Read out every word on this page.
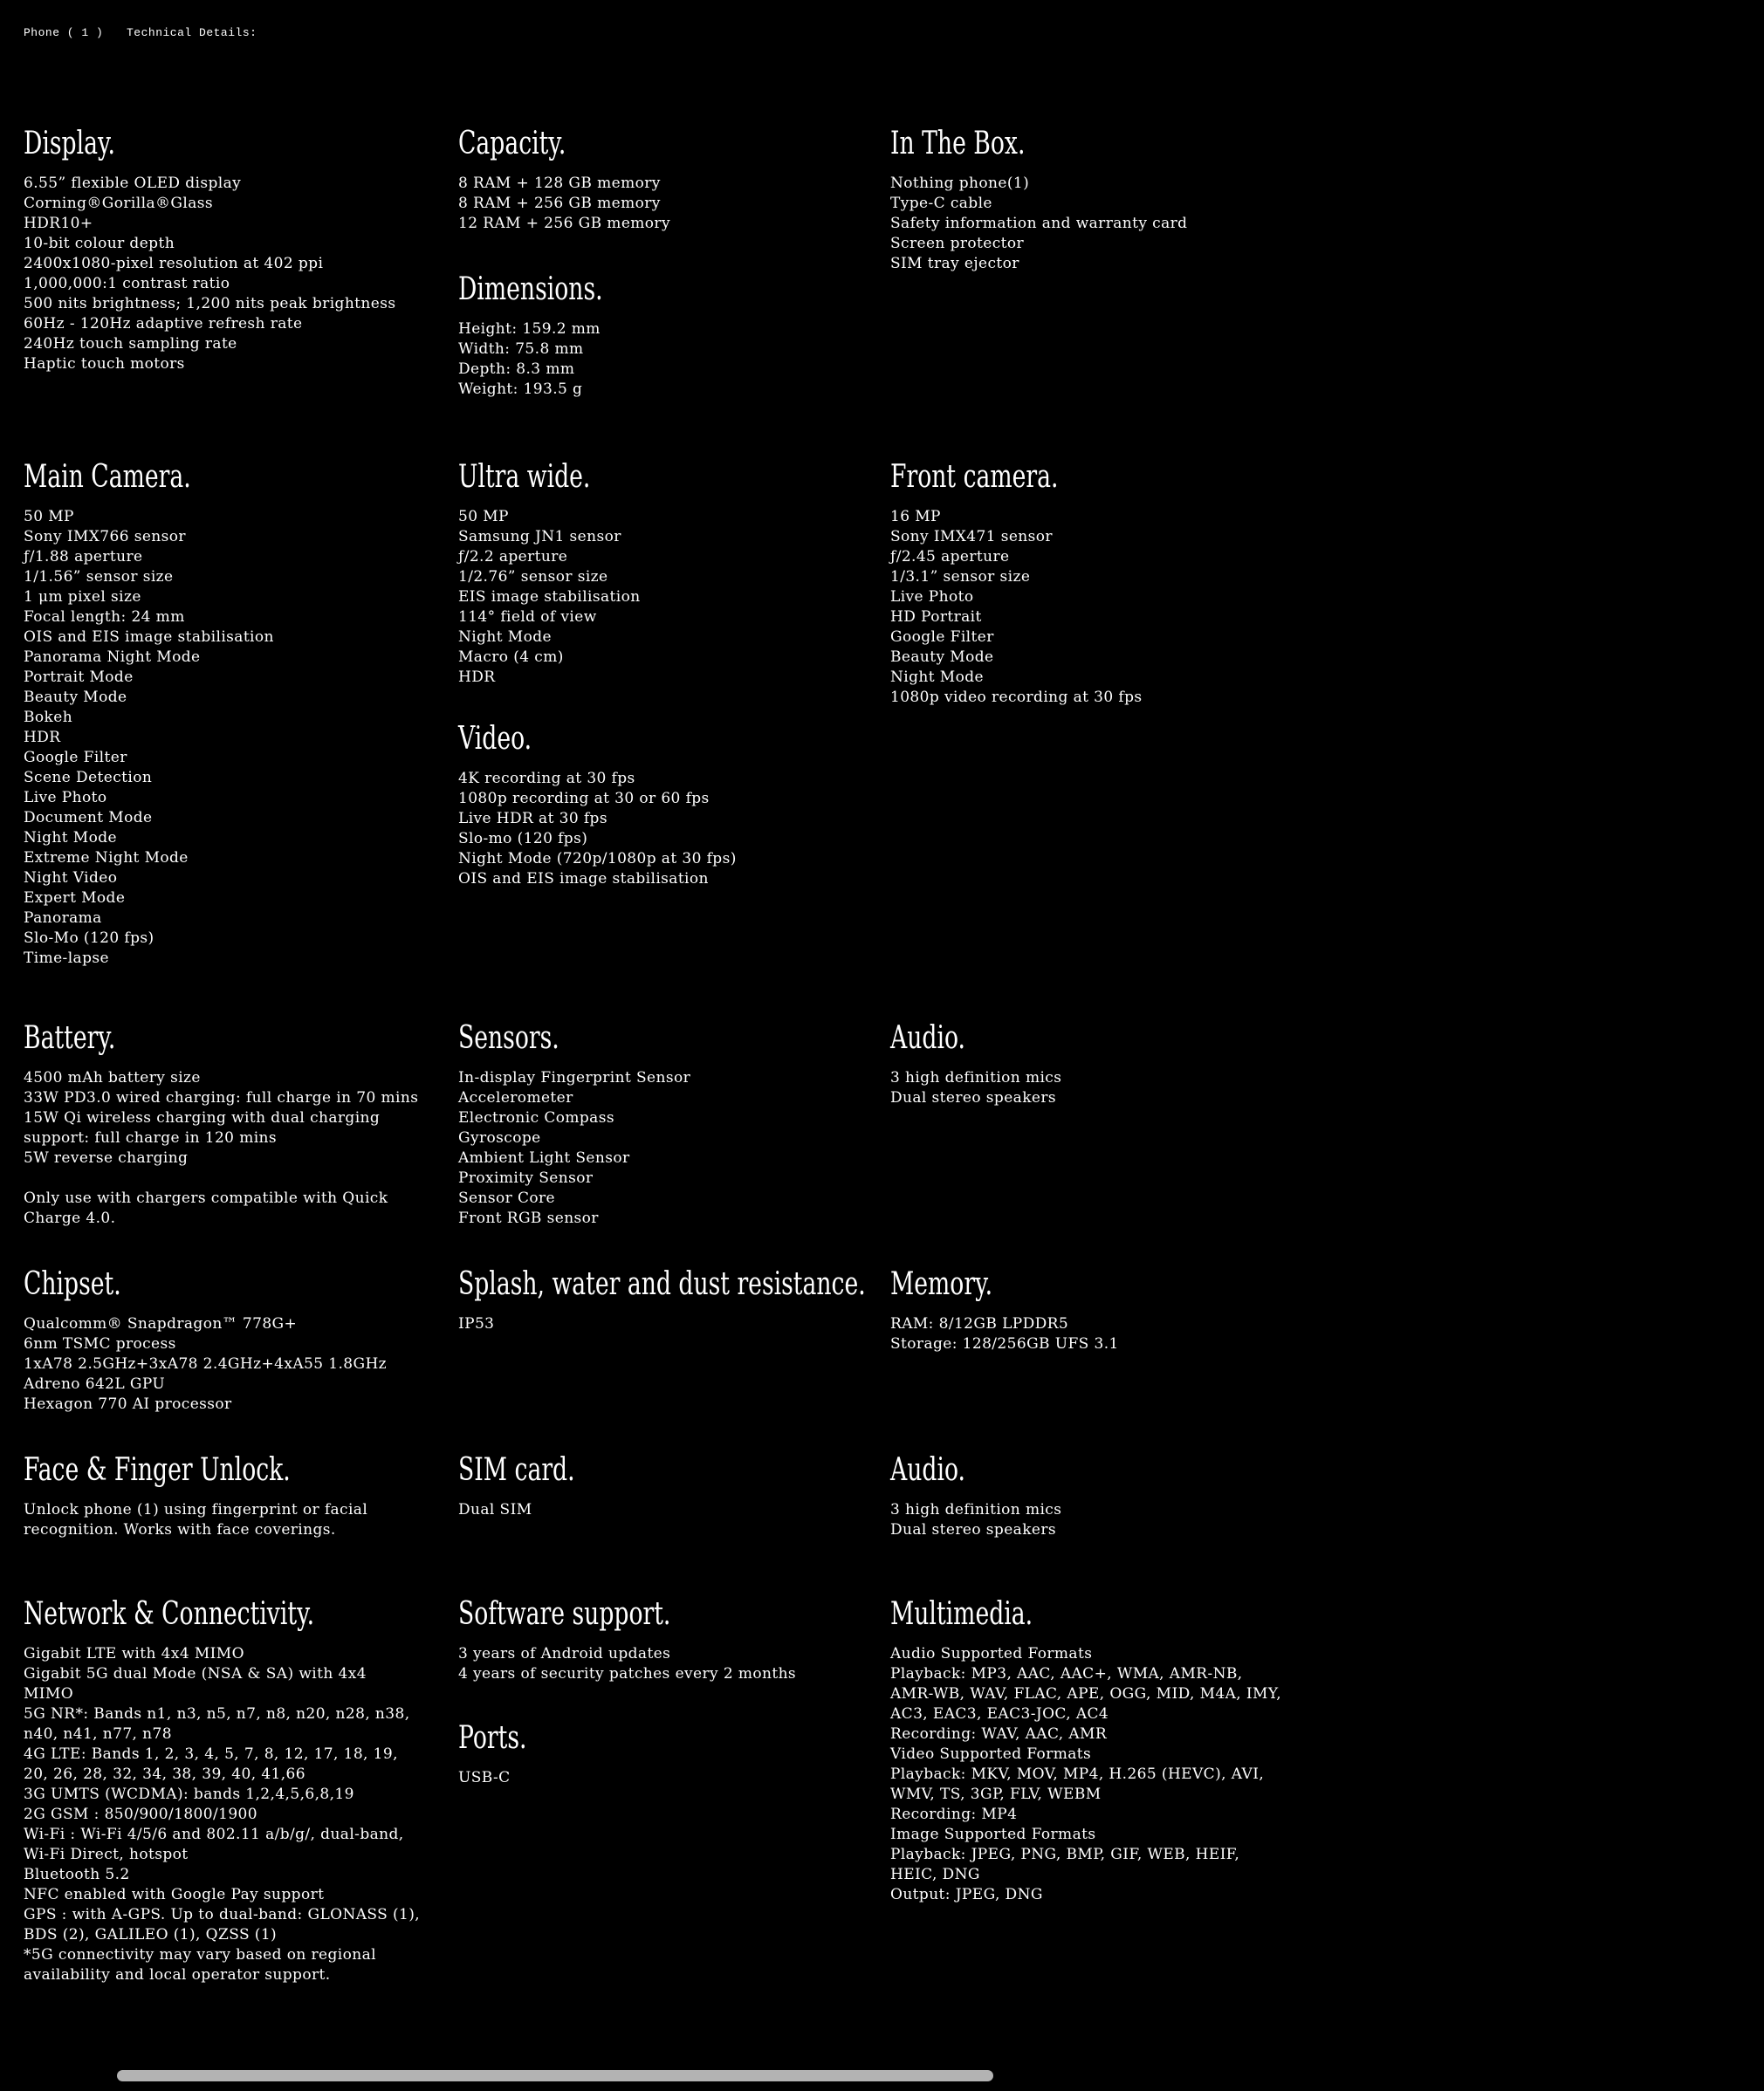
Phone ( 1 ) Technical Details:
Display.
6.55” flexible OLED display
Corning®Gorilla®Glass
HDR10+
10-bit colour depth
2400x1080-pixel resolution at 402 ppi
1,000,000:1 contrast ratio
500 nits brightness; 1,200 nits peak brightness
60Hz - 120Hz adaptive refresh rate
240Hz touch sampling rate
Haptic touch motors
Capacity.
8 RAM + 128 GB memory
8 RAM + 256 GB memory
12 RAM + 256 GB memory
Dimensions.
Height: 159.2 mm
Width: 75.8 mm
Depth: 8.3 mm
Weight: 193.5 g
In The Box.
Nothing phone(1)
Type-C cable
Safety information and warranty card
Screen protector
SIM tray ejector
Main Camera.
50 MP
Sony IMX766 sensor
ƒ/1.88 aperture
1/1.56” sensor size
1 μm pixel size
Focal length: 24 mm
OIS and EIS image stabilisation
Panorama Night Mode
Portrait Mode
Beauty Mode
Bokeh
HDR
Google Filter
Scene Detection
Live Photo
Document Mode
Night Mode
Extreme Night Mode
Night Video
Expert Mode
Panorama
Slo-Mo (120 fps)
Time-lapse
Ultra wide.
50 MP
Samsung JN1 sensor
ƒ/2.2 aperture
1/2.76” sensor size
EIS image stabilisation
114° field of view
Night Mode
Macro (4 cm)
HDR
Video.
4K recording at 30 fps
1080p recording at 30 or 60 fps
Live HDR at 30 fps
Slo-mo (120 fps)
Night Mode (720p/1080p at 30 fps)
OIS and EIS image stabilisation
Front camera.
16 MP
Sony IMX471 sensor
ƒ/2.45 aperture
1/3.1” sensor size
Live Photo
HD Portrait
Google Filter
Beauty Mode
Night Mode
1080p video recording at 30 fps
Battery.
4500 mAh battery size
33W PD3.0 wired charging: full charge in 70 mins
15W Qi wireless charging with dual charging support: full charge in 120 mins
5W reverse charging
Only use with chargers compatible with Quick Charge 4.0.
Sensors.
In-display Fingerprint Sensor
Accelerometer
Electronic Compass
Gyroscope
Ambient Light Sensor
Proximity Sensor
Sensor Core
Front RGB sensor
Audio.
3 high definition mics
Dual stereo speakers
Chipset.
Qualcomm® Snapdragon™ 778G+
6nm TSMC process
1xA78 2.5GHz+3xA78 2.4GHz+4xA55 1.8GHz
Adreno 642L GPU
Hexagon 770 AI processor
Splash, water and dust resistance.
IP53
Memory.
RAM: 8/12GB LPDDR5
Storage: 128/256GB UFS 3.1
Face & Finger Unlock.
Unlock phone (1) using fingerprint or facial recognition. Works with face coverings.
SIM card.
Dual SIM
Audio.
3 high definition mics
Dual stereo speakers
Network & Connectivity.
Gigabit LTE with 4x4 MIMO
Gigabit 5G dual Mode (NSA & SA) with 4x4 MIMO
5G NR*: Bands n1, n3, n5, n7, n8, n20, n28, n38, n40, n41, n77, n78
4G LTE: Bands 1, 2, 3, 4, 5, 7, 8, 12, 17, 18, 19, 20, 26, 28, 32, 34, 38, 39, 40, 41,66
3G UMTS (WCDMA): bands 1,2,4,5,6,8,19
2G GSM : 850/900/1800/1900
Wi-Fi : Wi-Fi 4/5/6 and 802.11 a/b/g/, dual-band, Wi-Fi Direct, hotspot
Bluetooth 5.2
NFC enabled with Google Pay support
GPS : with A-GPS. Up to dual-band: GLONASS (1), BDS (2), GALILEO (1), QZSS (1)
*5G connectivity may vary based on regional availability and local operator support.
Software support.
3 years of Android updates
4 years of security patches every 2 months
Ports.
USB-C
Multimedia.
Audio Supported Formats
Playback: MP3, AAC, AAC+, WMA, AMR-NB, AMR-WB, WAV, FLAC, APE, OGG, MID, M4A, IMY, AC3, EAC3, EAC3-JOC, AC4
Recording: WAV, AAC, AMR
Video Supported Formats
Playback: MKV, MOV, MP4, H.265 (HEVC), AVI, WMV, TS, 3GP, FLV, WEBM
Recording: MP4
Image Supported Formats
Playback: JPEG, PNG, BMP, GIF, WEB, HEIF, HEIC, DNG
Output: JPEG, DNG
